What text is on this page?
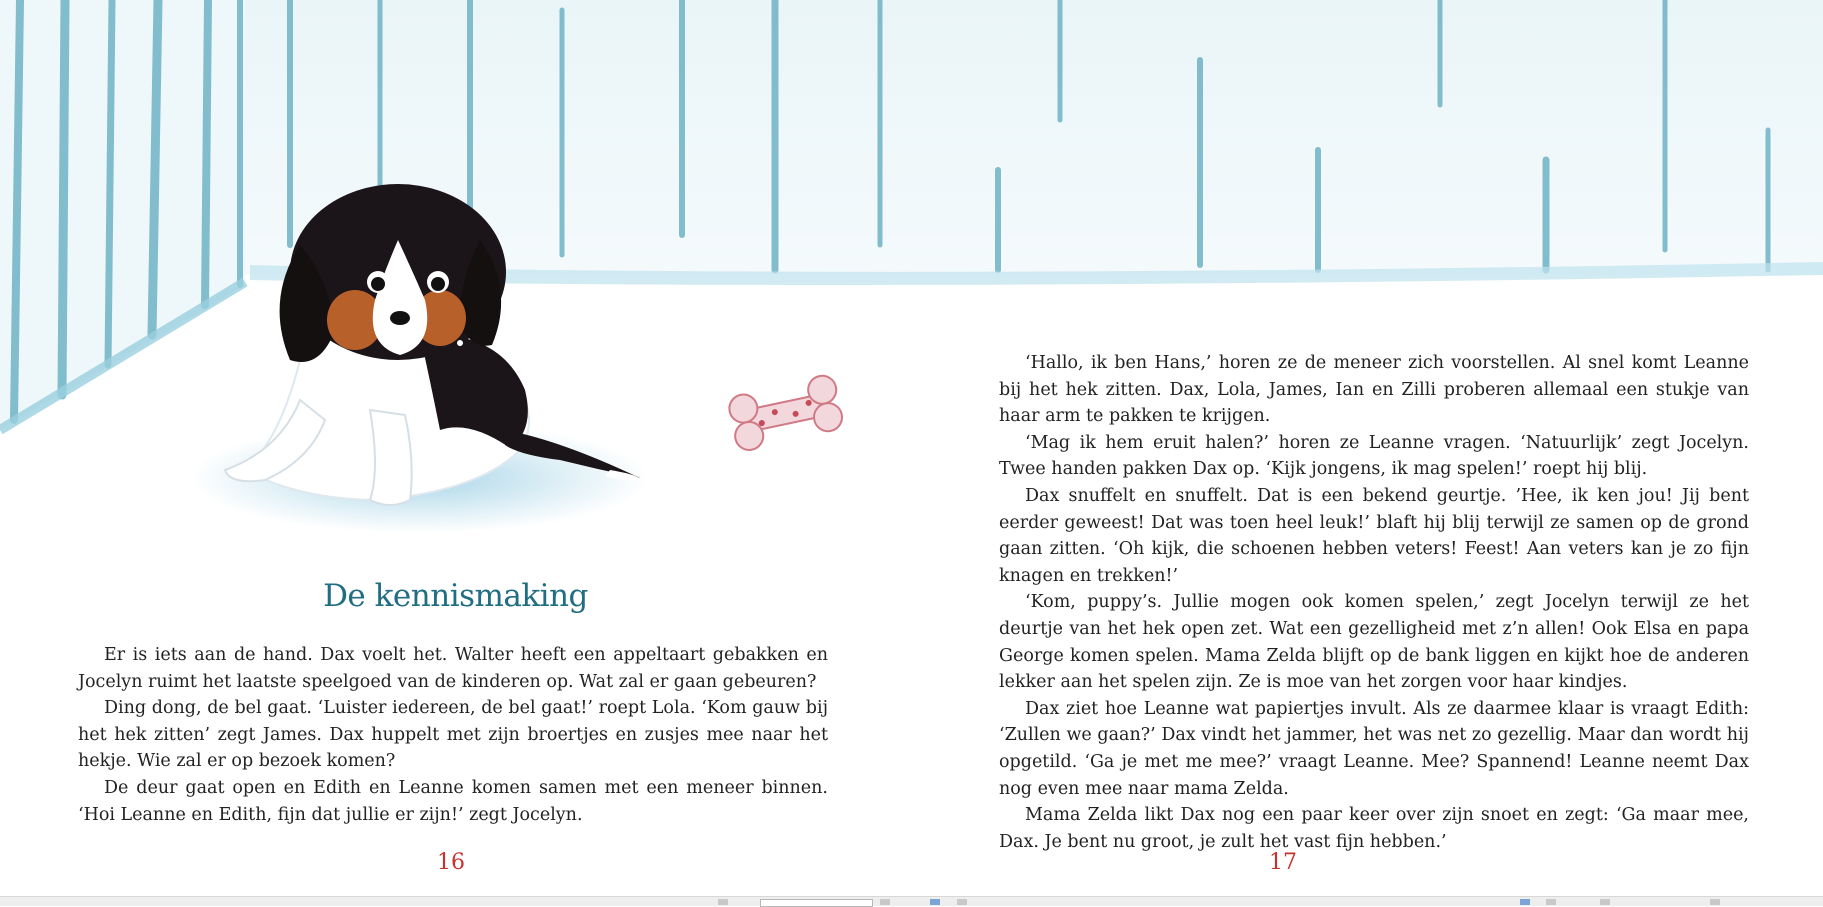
De kennismaking

Er is iets aan de hand. Dax voelt het. Walter heeft een appeltaart gebakken en Jocelyn ruimt het laatste speelgoed van de kinderen op. Wat zal er gaan gebeuren?

Ding dong, de bel gaat. ‘Luister iedereen, de bel gaat!’ roept Lola. ‘Kom gauw bij het hek zitten’ zegt James. Dax huppelt met zijn broertjes en zusjes mee naar het hekje. Wie zal er op bezoek komen?

De deur gaat open en Edith en Leanne komen samen met een meneer binnen. ‘Hoi Leanne en Edith, fijn dat jullie er zijn!’ zegt Jocelyn.

16

‘Hallo, ik ben Hans,’ horen ze de meneer zich voorstellen. Al snel komt Leanne bij het hek zitten. Dax, Lola, James, Ian en Zilli proberen allemaal een stukje van haar arm te pakken te krijgen.

‘Mag ik hem eruit halen?’ horen ze Leanne vragen. ‘Natuurlijk’ zegt Jocelyn. Twee handen pakken Dax op. ‘Kijk jongens, ik mag spelen!’ roept hij blij.

Dax snuffelt en snuffelt. Dat is een bekend geurtje. ’Hee, ik ken jou! Jij bent eerder geweest! Dat was toen heel leuk!’ blaft hij blij terwijl ze samen op de grond gaan zitten. ‘Oh kijk, die schoenen hebben veters! Feest! Aan veters kan je zo fijn knagen en trekken!’

‘Kom, puppy’s. Jullie mogen ook komen spelen,’ zegt Jocelyn terwijl ze het deurtje van het hek open zet. Wat een gezelligheid met z’n allen! Ook Elsa en papa George komen spelen. Mama Zelda blijft op de bank liggen en kijkt hoe de anderen lekker aan het spelen zijn. Ze is moe van het zorgen voor haar kindjes.

Dax ziet hoe Leanne wat papiertjes invult. Als ze daarmee klaar is vraagt Edith: ‘Zullen we gaan?’ Dax vindt het jammer, het was net zo gezellig. Maar dan wordt hij opgetild. ‘Ga je met me mee?’ vraagt Leanne. Mee? Spannend! Leanne neemt Dax nog even mee naar mama Zelda.

Mama Zelda likt Dax nog een paar keer over zijn snoet en zegt: ‘Ga maar mee, Dax. Je bent nu groot, je zult het vast fijn hebben.’

17
